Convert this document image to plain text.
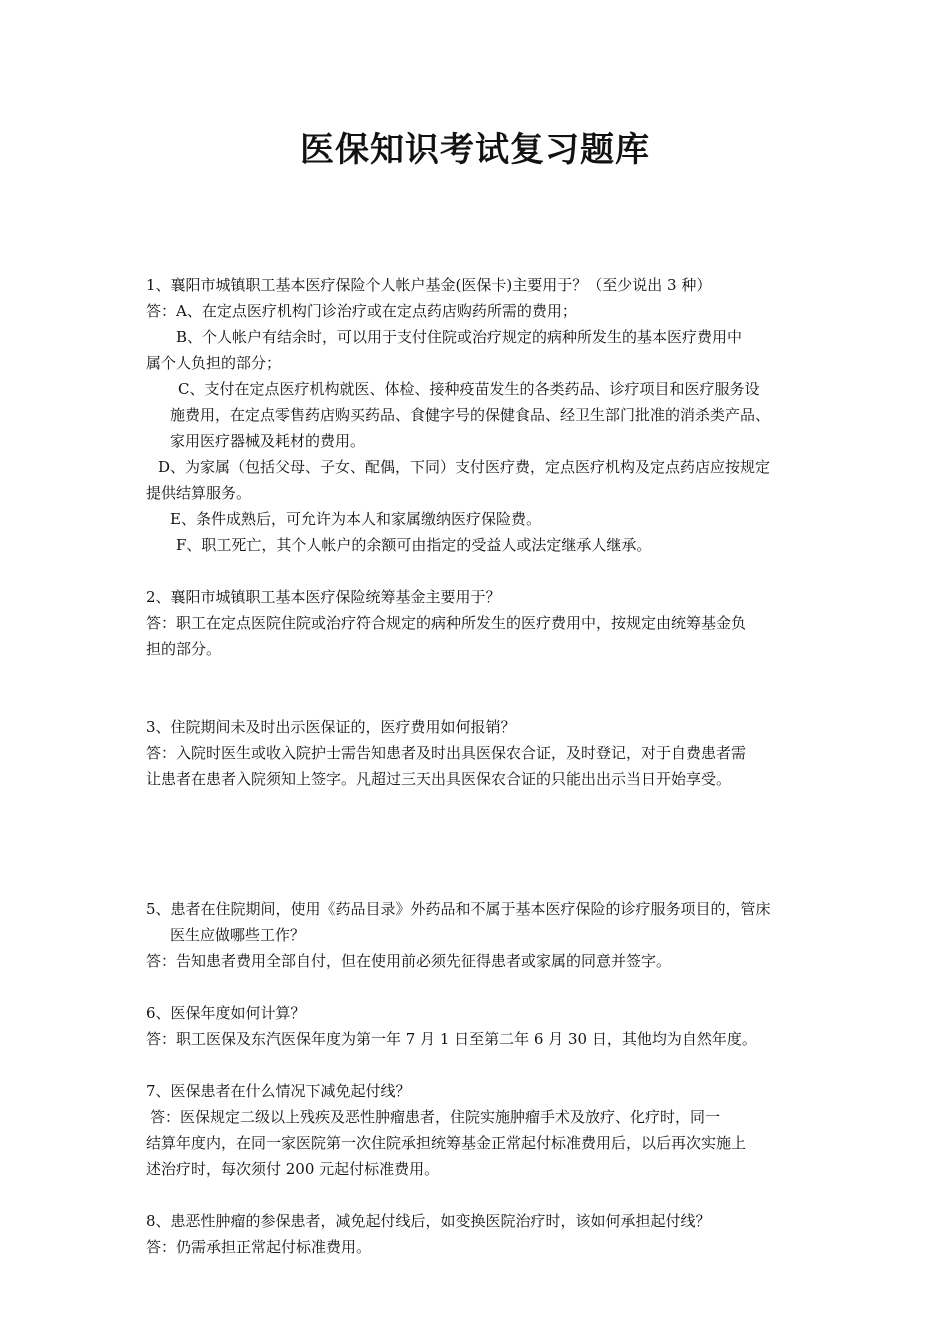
医保知识考试复习题库
1、襄阳市城镇职工基本医疗保险个人帐户基金(医保卡)主要用于？（至少说出 3 种）
答：A、在定点医疗机构门诊治疗或在定点药店购药所需的费用；
B、个人帐户有结余时，可以用于支付住院或治疗规定的病种所发生的基本医疗费用中
属个人负担的部分；
C、支付在定点医疗机构就医、体检、接种疫苗发生的各类药品、诊疗项目和医疗服务设
施费用，在定点零售药店购买药品、食健字号的保健食品、经卫生部门批准的消杀类产品、
家用医疗器械及耗材的费用。
D、为家属（包括父母、子女、配偶，下同）支付医疗费，定点医疗机构及定点药店应按规定
提供结算服务。
E、条件成熟后，可允许为本人和家属缴纳医疗保险费。
F、职工死亡，其个人帐户的余额可由指定的受益人或法定继承人继承。
2、襄阳市城镇职工基本医疗保险统筹基金主要用于？
答：职工在定点医院住院或治疗符合规定的病种所发生的医疗费用中，按规定由统筹基金负
担的部分。
3、住院期间未及时出示医保证的，医疗费用如何报销？
答：入院时医生或收入院护士需告知患者及时出具医保农合证，及时登记，对于自费患者需
让患者在患者入院须知上签字。凡超过三天出具医保农合证的只能出出示当日开始享受。
5、患者在住院期间，使用《药品目录》外药品和不属于基本医疗保险的诊疗服务项目的，管床
医生应做哪些工作？
答：告知患者费用全部自付，但在使用前必须先征得患者或家属的同意并签字。
6、医保年度如何计算？
答：职工医保及东汽医保年度为第一年 7 月 1 日至第二年 6 月 30 日，其他均为自然年度。
7、医保患者在什么情况下减免起付线？
答：医保规定二级以上残疾及恶性肿瘤患者，住院实施肿瘤手术及放疗、化疗时，同一
结算年度内，在同一家医院第一次住院承担统筹基金正常起付标准费用后，以后再次实施上
述治疗时，每次须付 200 元起付标准费用。
8、患恶性肿瘤的参保患者，减免起付线后，如变换医院治疗时，该如何承担起付线？
答：仍需承担正常起付标准费用。
